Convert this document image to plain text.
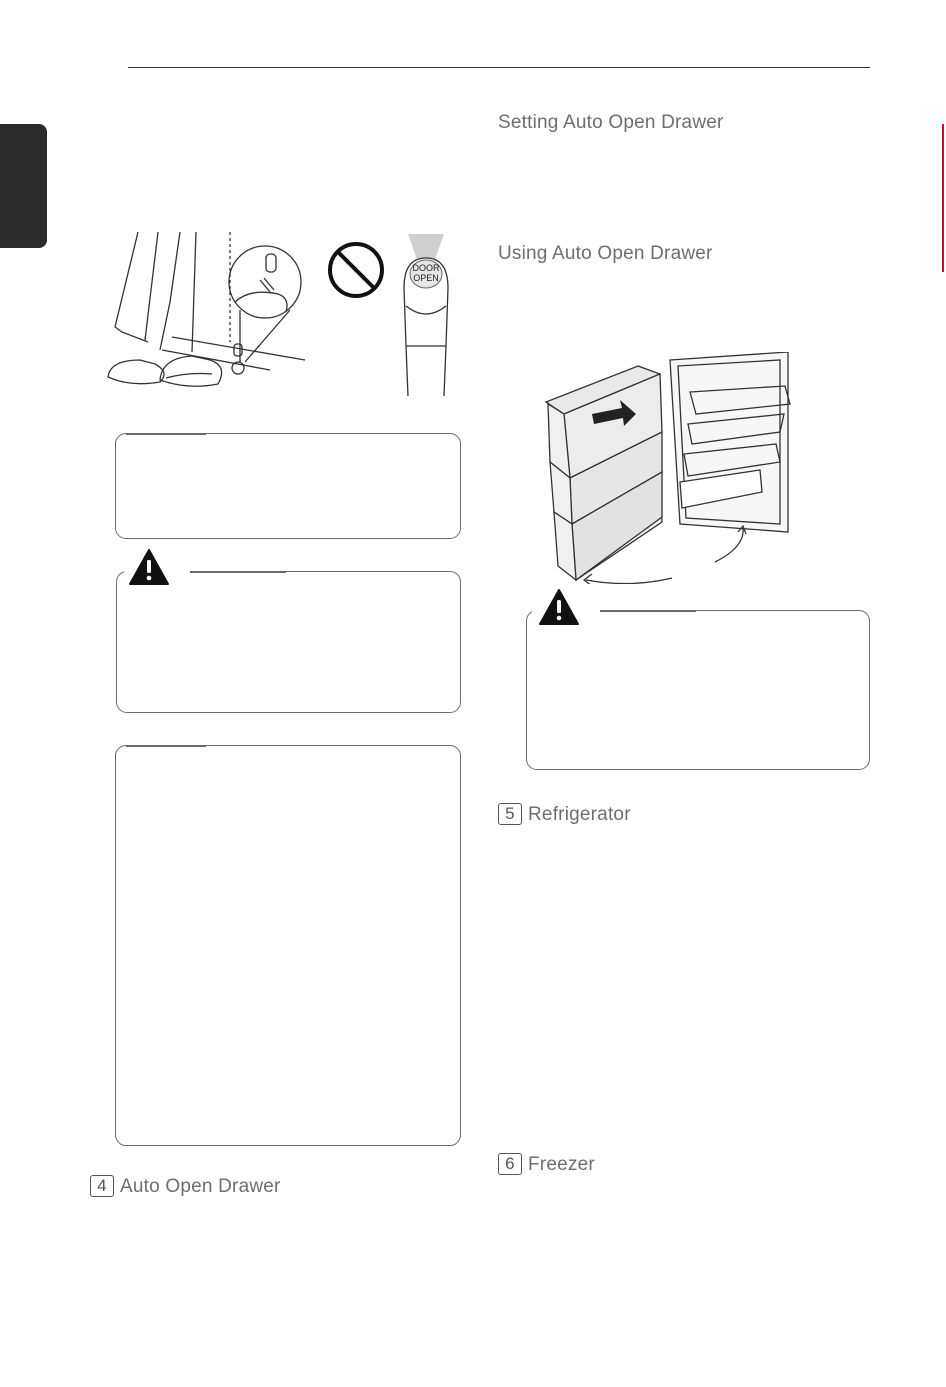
DOOR
OPEN
4 Auto Open Drawer
Setting Auto Open Drawer
Using Auto Open Drawer
5 Refrigerator
6 Freezer
